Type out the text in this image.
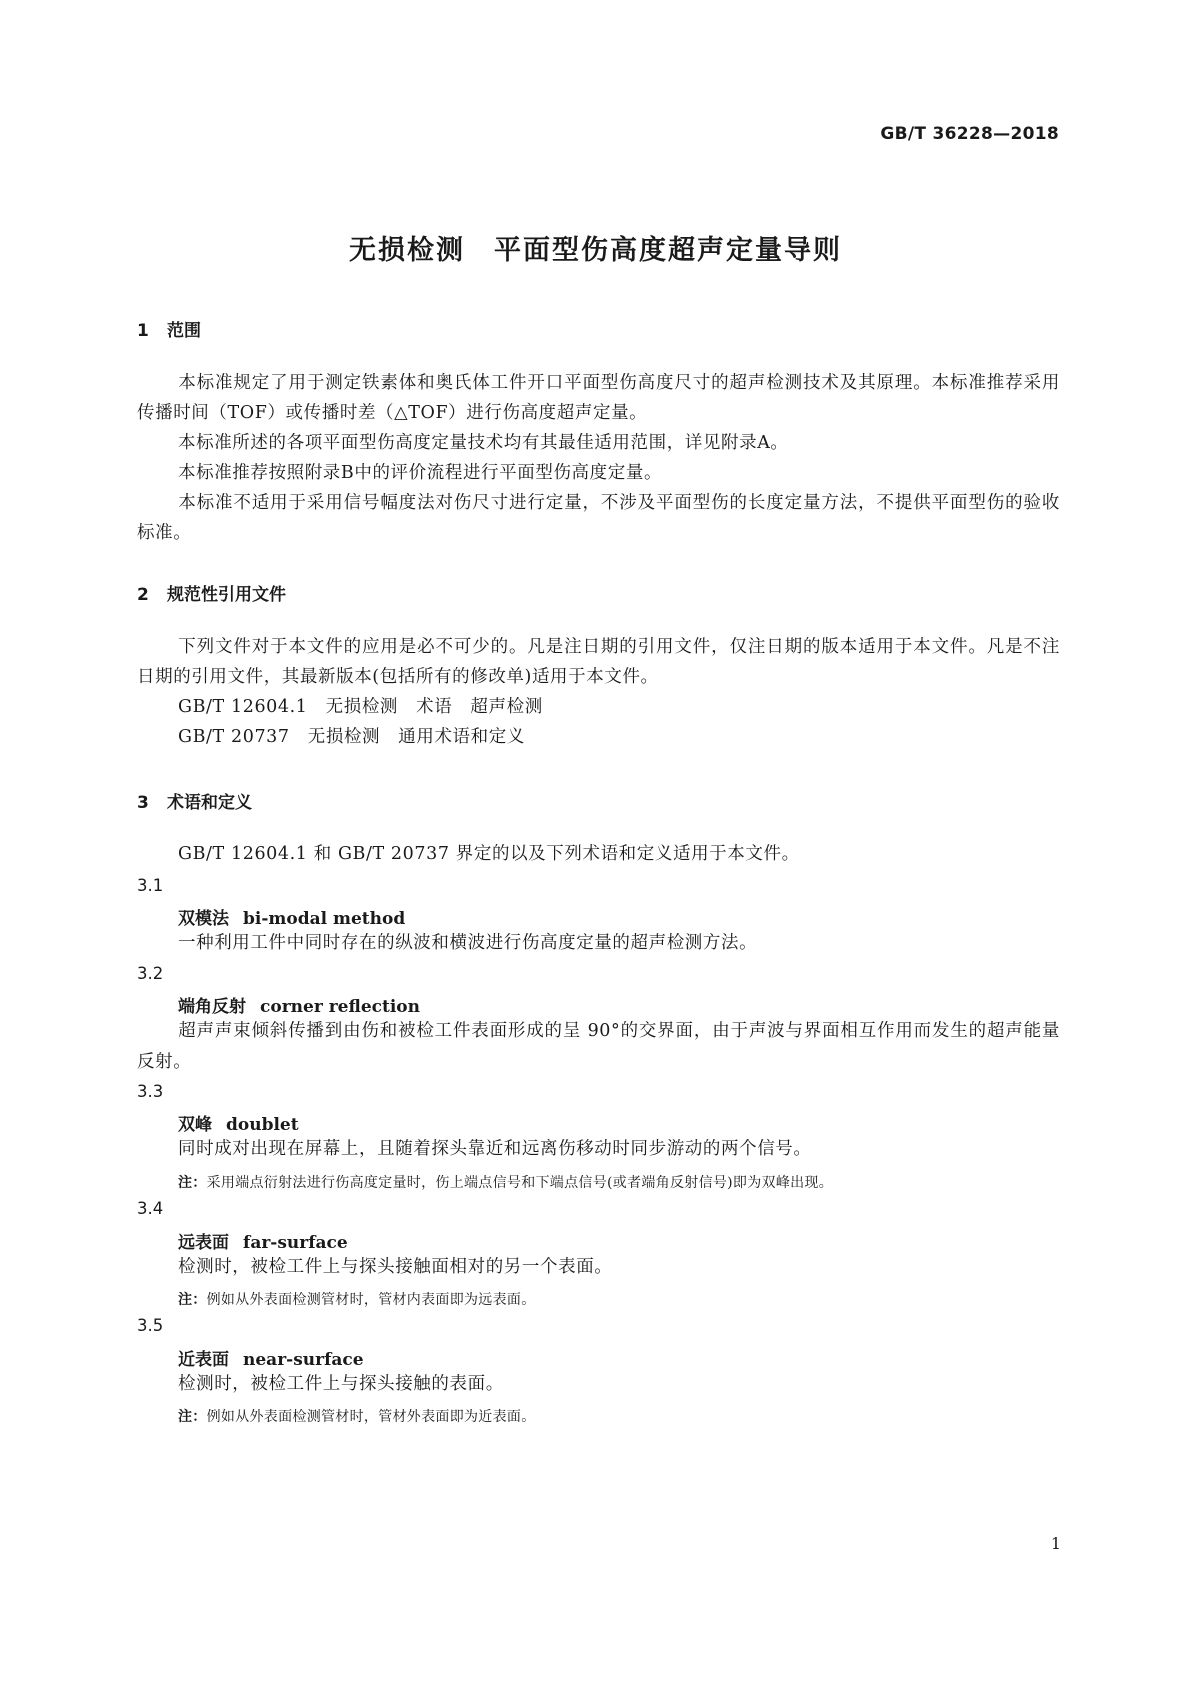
GB/T 36228—2018
无损检测　平面型伤高度超声定量导则
1 范围

本标准规定了用于测定铁素体和奥氏体工件开口平面型伤高度尺寸的超声检测技术及其原理。本标准推荐采用传播时间（TOF）或传播时差（△TOF）进行伤高度超声定量。

本标准所述的各项平面型伤高度定量技术均有其最佳适用范围，详见附录A。

本标准推荐按照附录B中的评价流程进行平面型伤高度定量。

本标准不适用于采用信号幅度法对伤尺寸进行定量，不涉及平面型伤的长度定量方法，不提供平面型伤的验收标准。

2 规范性引用文件

下列文件对于本文件的应用是必不可少的。凡是注日期的引用文件，仅注日期的版本适用于本文件。凡是不注日期的引用文件，其最新版本(包括所有的修改单)适用于本文件。

GB/T 12604.1　无损检测　术语　超声检测
GB/T 20737　无损检测　通用术语和定义
3 术语和定义
GB/T 12604.1 和 GB/T 20737 界定的以及下列术语和定义适用于本文件。
3.1
双模法 bi-modal method
一种利用工件中同时存在的纵波和横波进行伤高度定量的超声检测方法。
3.2
端角反射 corner reflection
超声声束倾斜传播到由伤和被检工件表面形成的呈 90°的交界面，由于声波与界面相互作用而发生的超声能量反射。
3.3
双峰 doublet
同时成对出现在屏幕上，且随着探头靠近和远离伤移动时同步游动的两个信号。
注：采用端点衍射法进行伤高度定量时，伤上端点信号和下端点信号(或者端角反射信号)即为双峰出现。
3.4
远表面 far-surface
检测时，被检工件上与探头接触面相对的另一个表面。
注：例如从外表面检测管材时，管材内表面即为远表面。
3.5
近表面 near-surface
检测时，被检工件上与探头接触的表面。
注：例如从外表面检测管材时，管材外表面即为近表面。
1
